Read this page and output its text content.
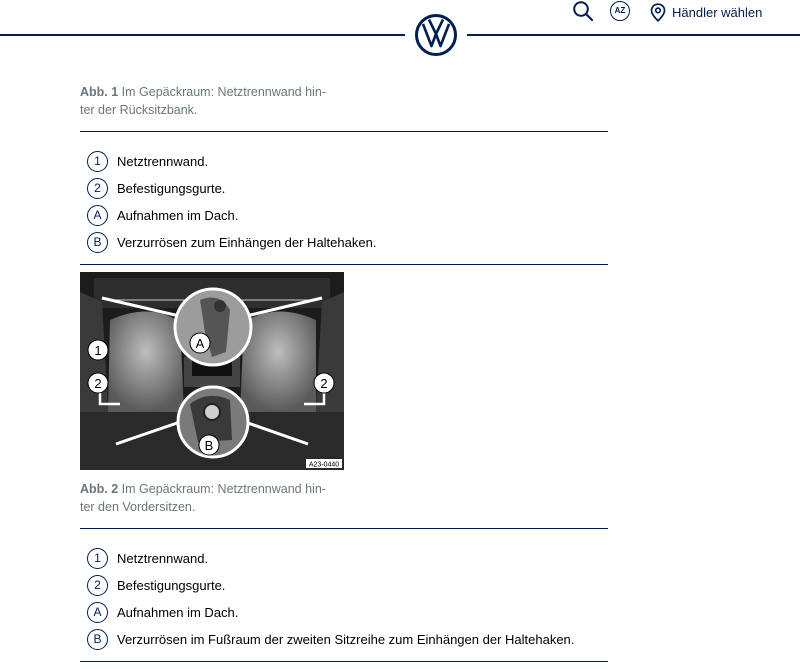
AZ	Händler wählen
Abb. 1 Im Gepäckraum: Netztrennwand hin-
ter der Rücksitzbank.
1	Netztrennwand.
2	Befestigungsgurte.
A	Aufnahmen im Dach.
B	Verzurrösen zum Einhängen der Haltehaken.
1
2	2
A
B
A23-0440
Abb. 2 Im Gepäckraum: Netztrennwand hin-
ter den Vordersitzen.
1	Netztrennwand.
2	Befestigungsgurte.
A	Aufnahmen im Dach.
B	Verzurrösen im Fußraum der zweiten Sitzreihe zum Einhängen der Haltehaken.
